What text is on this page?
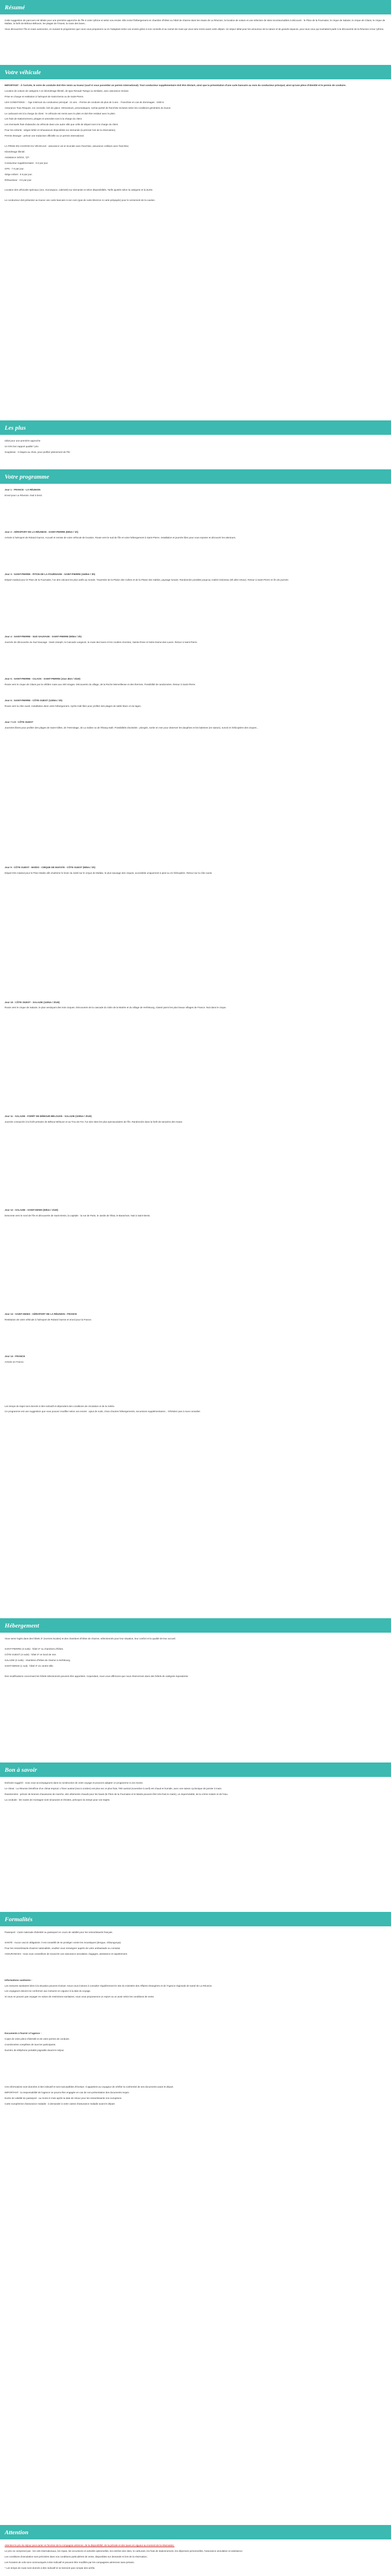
Résumé

Cette suggestion de parcours est idéale pour une première approche de l'île à votre rythme et selon vos envies. Elle inclut l'hébergement en chambre d'hôtes ou hôtel de charme dans les Hauts de La Réunion, la location de voiture et une sélection de sites incontournables à découvrir : le Piton de la Fournaise, le cirque de Salazie, le cirque de Cilaos, le cirque de Mafate, la forêt de Bébour-Bélouve, les plages de l'Ouest, la route des laves...

Vous découvrirez l'île en toute autonomie, en suivant le programme que nous vous proposons ou en l'adaptant selon vos envies grâce à nos conseils et au carnet de route qui vous sera remis avant votre départ. Un séjour idéal pour les amoureux de la nature et de grands espaces, pour tous ceux qui souhaitent partir à la découverte de la Réunion à leur rythme.

Votre véhicule

IMPORTANT : À l'arrivée, le votre de conduite doit être remis au loueur (sauf si vous possédez un permis international). Tout conducteur supplémentaire doit être déclaré, ainsi que la présentation d'une carte bancaire au nom du conducteur principal, ainsi qu'une pièce d'identité et le permis de conduire.

Location de voiture de catégorie A en kilométrage illimité, de type Renault Twingo ou similaire, avec assurance incluse.

Prise en charge et restitution à l'aéroport de Saint-Denis ou de Saint-Pierre.

LES CONDITIONS : - Âge minimum du conducteur principal : 21 ans. - Permis de conduire de plus de 3 ans. - Franchise en cas de dommages : 1000 €.

Assurance Tous Risques, vol, incendie, bris de glace, rétroviseurs, pneumatiques, rachat partiel de franchise incluses selon les conditions générales du loueur.

Le carburant est à la charge du client : le véhicule est remis avec le plein et doit être restitué avec le plein.

Les frais de stationnement, péages et amendes sont à la charge du client.

Les éventuels frais d'abandon du véhicule dans une autre ville que celle de départ sont à la charge du client.

Pour les enfants : sièges bébé et rehausseurs disponibles sur demande (à préciser lors de la réservation).

Permis étranger : prévoir une traduction officielle ou un permis international.

LA PRISE EN CHARGE DU VÉHICULE : assurance vol et incendie avec franchise, assurance collision avec franchise.

Kilométrage illimité.

Assistance 24h/24, 7j/7.

Conducteur supplémentaire : 5 € par jour.

GPS : 7 € par jour.

Siège enfant : 5 € par jour.

Réhausseur : 3 € par jour.

Location des véhicules spéciaux (4x4, monospace, cabriolet) sur demande et selon disponibilités. Tarifs ajustés selon la catégorie et la durée.

Le conducteur doit présenter au loueur une carte bancaire à son nom (pas de carte Electron ni carte prépayée) pour le versement de la caution.

Les plus

Idéal pour une première approche

Un très bon rapport qualité / prix

Souplesse : 3 étapes au choix, pour profiter pleinement de l'île

Votre programme

Jour 1 : FRANCE - LA RÉUNION

Envol pour La Réunion. Nuit à bord.

Jour 2 : AÉROPORT DE LA RÉUNION - SAINT-PIERRE (60km / 1h)

Arrivée à l'aéroport de Roland Garros. Accueil et remise de votre véhicule de location. Route vers le sud de l'île et votre hébergement à Saint-Pierre. Installation et journée libre pour vous reposer et découvrir les alentours.

Jour 3 : SAINT-PIERRE - PITON DE LA FOURNAISE - SAINT-PIERRE (160km / 3h)

Départ matinal pour le Piton de la Fournaise, l'un des volcans les plus actifs au monde. Traversée de la Plaine des Cafres et de la Plaine des Sables, paysage lunaire. Randonnée possible jusqu'au cratère Dolomieu (5h aller-retour). Retour à Saint-Pierre en fin de journée.

Jour 4 : SAINT-PIERRE - SUD SAUVAGE - SAINT-PIERRE (90km / 2h)

Journée de découverte du Sud Sauvage : Saint-Joseph, la Cascade Langevin, la route des laves et les coulées récentes, Sainte-Rose et Notre-Dame-des-Laves. Retour à Saint-Pierre.

Jour 5 : SAINT-PIERRE - CILAOS - SAINT-PIERRE (Jour 4km / 1h20)

Route vers le cirque de Cilaos par la célèbre route aux 400 virages. Découverte du village, de la Roche Merveilleuse et des thermes. Possibilité de randonnées. Retour à Saint-Pierre.

Jour 6 : SAINT-PIERRE - CÔTE OUEST (120km / 2h)

Route vers la côte ouest. Installation dans votre hébergement. Après-midi libre pour profiter des plages de sable blanc et du lagon.

Jour 7 à 8 : CÔTE OUEST

Journées libres pour profiter des plages de Saint-Gilles, de l'Hermitage, de La Saline ou de l'Étang-Salé. Possibilités d'activités : plongée, sortie en mer pour observer les dauphins et les baleines (en saison), survol en hélicoptère des cirques...

Jour 9 : CÔTE OUEST - MAÏDO - CIRQUE DE MAFATE - CÔTE OUEST (80km / 2h)

Départ très matinal pour le Piton Maïdo afin d'admirer le lever du soleil sur le cirque de Mafate, le plus sauvage des cirques, accessible uniquement à pied ou en hélicoptère. Retour sur la côte ouest.

Jour 10 : CÔTE OUEST - SALAZIE (110km / 2h30)

Route vers le cirque de Salazie, le plus verdoyant des trois cirques. Découverte de la cascade du Voile de la Mariée et du village de Hell-Bourg, classé parmi les plus beaux villages de France. Nuit dans le cirque.

Jour 11 : SALAZIE - FORÊT DE BÉBOUR-BÉLOUVE - SALAZIE (100km / 2h30)

Journée consacrée à la forêt primaire de Bébour-Bélouve et au Trou de Fer, l'un des sites les plus spectaculaires de l'île. Randonnée dans la forêt de tamarins des Hauts.

Jour 12 : SALAZIE - SAINT-DENIS (60km / 1h30)

Descente vers le nord de l'île et découverte de Saint-Denis, la capitale : la rue de Paris, le Jardin de l'État, le Barachois. Nuit à Saint-Denis.

Jour 13 : SAINT-DENIS - AÉROPORT DE LA RÉUNION - FRANCE

Restitution de votre véhicule à l'aéroport de Roland Garros et envol pour la France.

Jour 14 : FRANCE

Arrivée en France.

Les temps de trajet sont donnés à titre indicatif et dépendent des conditions de circulation et de la météo.

Ce programme est une suggestion que vous pouvez modifier selon vos envies : ajout de nuits, choix d'autres hébergements, excursions supplémentaires... N'hésitez pas à nous consulter.

Hébergement

Vous serez logés dans des hôtels 3* (normes locales) et des chambres d'hôtes de charme, sélectionnés pour leur situation, leur confort et la qualité de leur accueil.

SAINT-PIERRE (3 nuits) : hôtel 3* ou chambres d'hôtes.

CÔTE OUEST (4 nuits) : hôtel 3* en bord de mer.

SALAZIE (2 nuits) : chambres d'hôtes de charme à Hell-Bourg.

SAINT-DENIS (1 nuit) : hôtel 3* en centre-ville.

Des modifications concernant les hôtels sélectionnés peuvent être apportées. Cependant, nous vous affirmons que nous réserverons dans des hôtels de catégorie équivalente.

Bon à savoir

Itinéraire suggéré : nous vous accompagnons dans la construction de votre voyage et pouvons adapter ce programme à vos envies.

Le climat : La Réunion bénéficie d'un climat tropical. L'hiver austral (mai à octobre) est plus sec et plus frais, l'été austral (novembre à avril) est chaud et humide, avec une saison cyclonique de janvier à mars.

Randonnées : prévoir de bonnes chaussures de marche, des vêtements chauds pour les hauts (le Piton de la Fournaise et le Maïdo peuvent être très frais le matin), un imperméable, de la crème solaire et de l'eau.

La conduite : les routes de montagne sont sinueuses et étroites, prévoyez du temps pour vos trajets.

Formalités

Passeport : Carte nationale d'identité ou passeport en cours de validité pour les ressortissants français.

SANTÉ : Aucun vaccin obligatoire. Il est conseillé de se protéger contre les moustiques (dengue, chikungunya).

Pour les ressortissants d'autres nationalités, veuillez vous renseigner auprès de votre ambassade ou consulat.

ASSURANCES : nous vous conseillons de souscrire une assurance annulation, bagages, assistance et rapatriement.

Informations sanitaires :

Les mesures sanitaires liées à la situation peuvent évoluer. Nous vous invitons à consulter régulièrement le site du ministère des Affaires étrangères et de l'Agence régionale de santé de La Réunion.

Les voyageurs doivent se conformer aux mesures en vigueur à la date du voyage.

Si vous ne pouvez pas voyager en raison de restrictions sanitaires, nous vous proposerons un report ou un avoir selon les conditions de vente.

Documents à fournir à l'agence :

Copie de votre pièce d'identité et de votre permis de conduire.

Coordonnées complètes de tous les participants.

Numéro de téléphone portable joignable durant le séjour.

Ces informations sont données à titre indicatif et sont susceptibles d'évoluer. Il appartient au voyageur de vérifier la conformité de ses documents avant le départ.

IMPORTANT : la responsabilité de l'agence ne pourra être engagée en cas de non-présentation des documents requis.

Durée de validité du passeport : au moins 6 mois après la date de retour pour les ressortissants non européens.

Carte européenne d'assurance maladie : à demander à votre caisse d'assurance maladie avant le départ.

Attention

Attention le prix du séjour peut varier en fonction de la compagnie aérienne, de la disponibilité, de la période et des taxes en vigueur au moment de la réservation.

Le prix ne comprend pas : les vols internationaux, les repas, les excursions et activités optionnelles, les entrées des sites, le carburant, les frais de stationnement, les dépenses personnelles, l'assurance annulation et assistance.

Les conditions d'annulation sont précisées dans nos conditions particulières de vente, disponibles sur demande et lors de la réservation.

Les horaires de vols sont communiqués à titre indicatif et peuvent être modifiés par les compagnies aériennes sans préavis.

* Les temps de route sont donnés à titre indicatif et ne tiennent pas compte des arrêts.
